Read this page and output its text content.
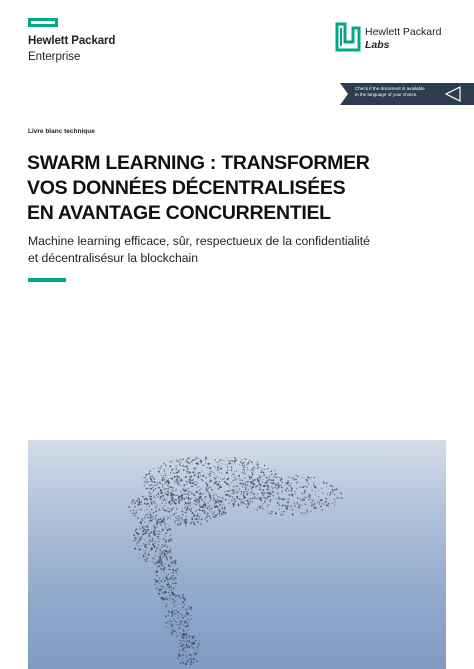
Hewlett Packard
Enterprise
Hewlett Packard
Labs
Check if the document is available
in the language of your choice.
Livre blanc technique
SWARM LEARNING : TRANSFORMER
VOS DONNÉES DÉCENTRALISÉES
EN AVANTAGE CONCURRENTIEL

Machine learning efficace, sûr, respectueux de la confidentialité
et décentralisésur la blockchain
